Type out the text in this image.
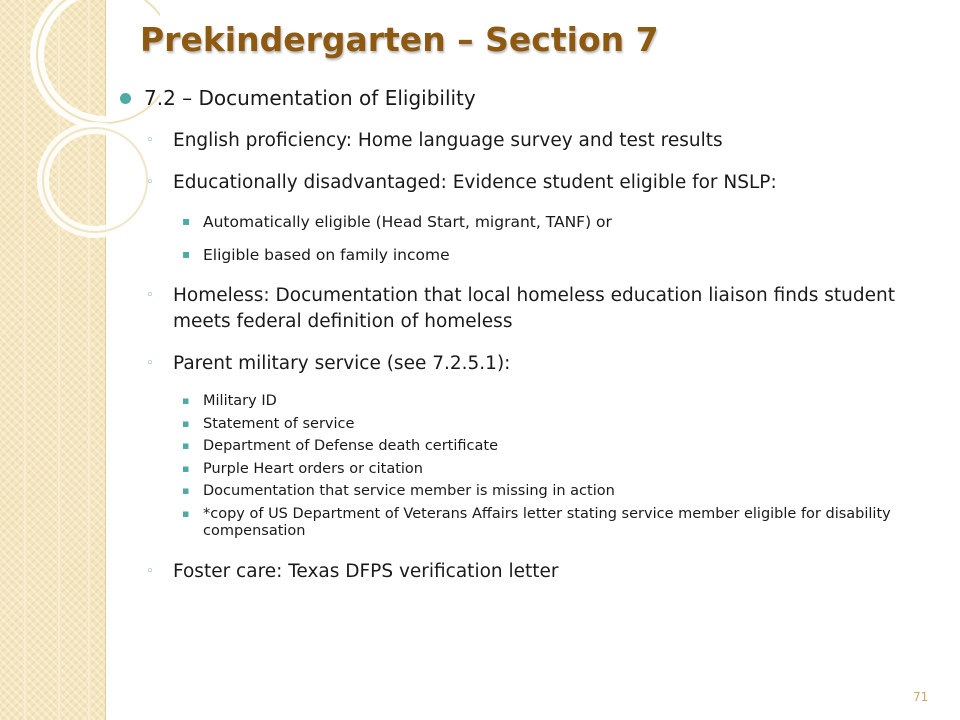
Prekindergarten – Section 7
7.2 – Documentation of Eligibility
◦ English proficiency: Home language survey and test results
◦ Educationally disadvantaged: Evidence student eligible for NSLP:
▪ Automatically eligible (Head Start, migrant, TANF) or
▪ Eligible based on family income
◦ Homeless: Documentation that local homeless education liaison finds student meets federal definition of homeless
◦ Parent military service (see 7.2.5.1):
▪ Military ID
▪ Statement of service
▪ Department of Defense death certificate
▪ Purple Heart orders or citation
▪ Documentation that service member is missing in action
▪ *copy of US Department of Veterans Affairs letter stating service member eligible for disability compensation
◦ Foster care: Texas DFPS verification letter
71
